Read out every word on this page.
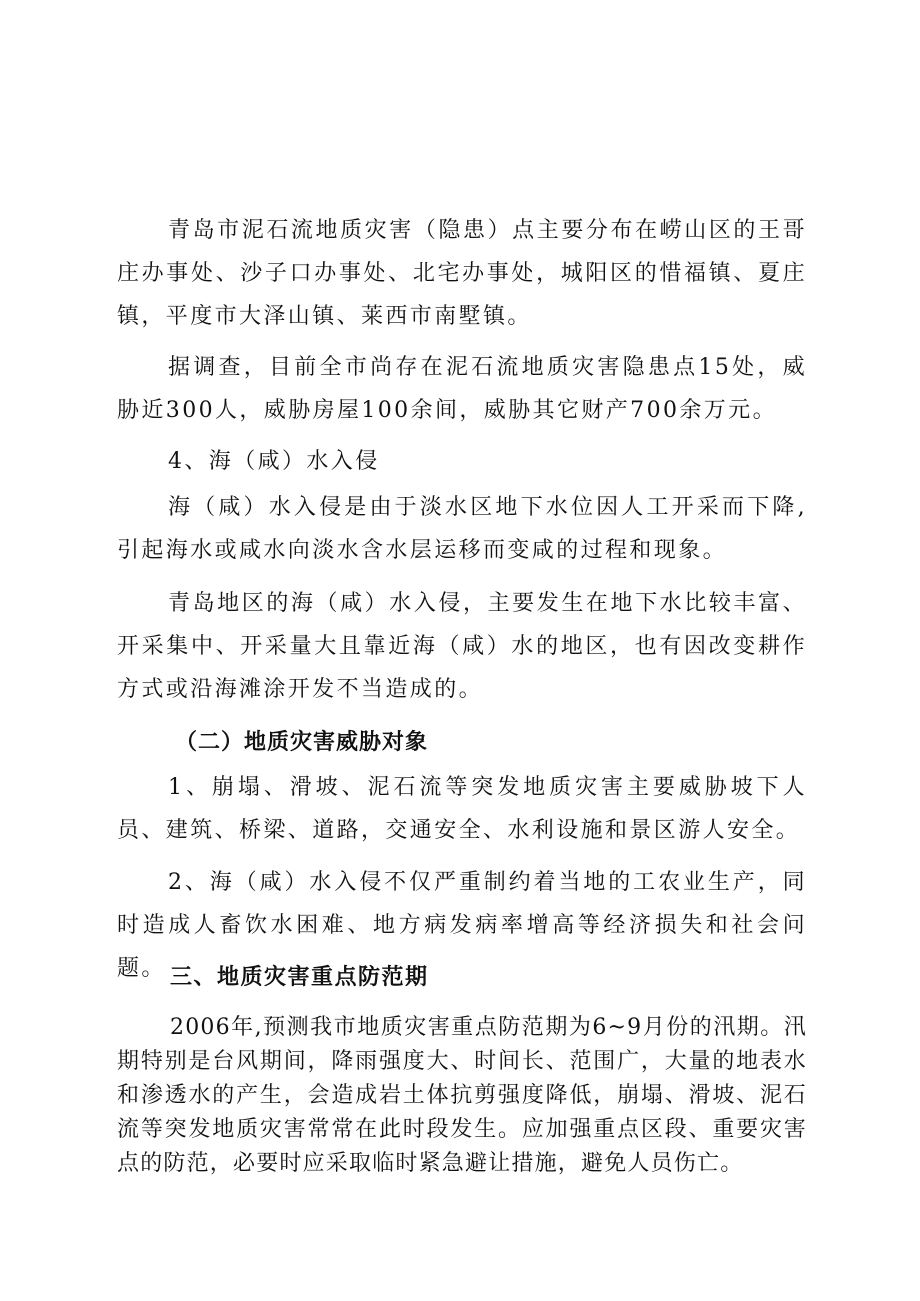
青岛市泥石流地质灾害（隐患）点主要分布在崂山区的王哥庄办事处、沙子口办事处、北宅办事处，城阳区的惜福镇、夏庄镇，平度市大泽山镇、莱西市南墅镇。

据调查，目前全市尚存在泥石流地质灾害隐患点15处，威胁近300人，威胁房屋100余间，威胁其它财产700余万元。

4、海（咸）水入侵

海（咸）水入侵是由于淡水区地下水位因人工开采而下降,引起海水或咸水向淡水含水层运移而变咸的过程和现象。

青岛地区的海（咸）水入侵，主要发生在地下水比较丰富、开采集中、开采量大且靠近海（咸）水的地区，也有因改变耕作方式或沿海滩涂开发不当造成的。

（二）地质灾害威胁对象

1、崩塌、滑坡、泥石流等突发地质灾害主要威胁坡下人员、建筑、桥梁、道路，交通安全、水利设施和景区游人安全。

2、海（咸）水入侵不仅严重制约着当地的工农业生产，同时造成人畜饮水困难、地方病发病率增高等经济损失和社会问题。 三、地质灾害重点防范期

2006年,预测我市地质灾害重点防范期为6~9月份的汛期。汛期特别是台风期间，降雨强度大、时间长、范围广，大量的地表水和渗透水的产生，会造成岩土体抗剪强度降低，崩塌、滑坡、泥石流等突发地质灾害常常在此时段发生。应加强重点区段、重要灾害点的防范，必要时应采取临时紧急避让措施，避免人员伤亡。
